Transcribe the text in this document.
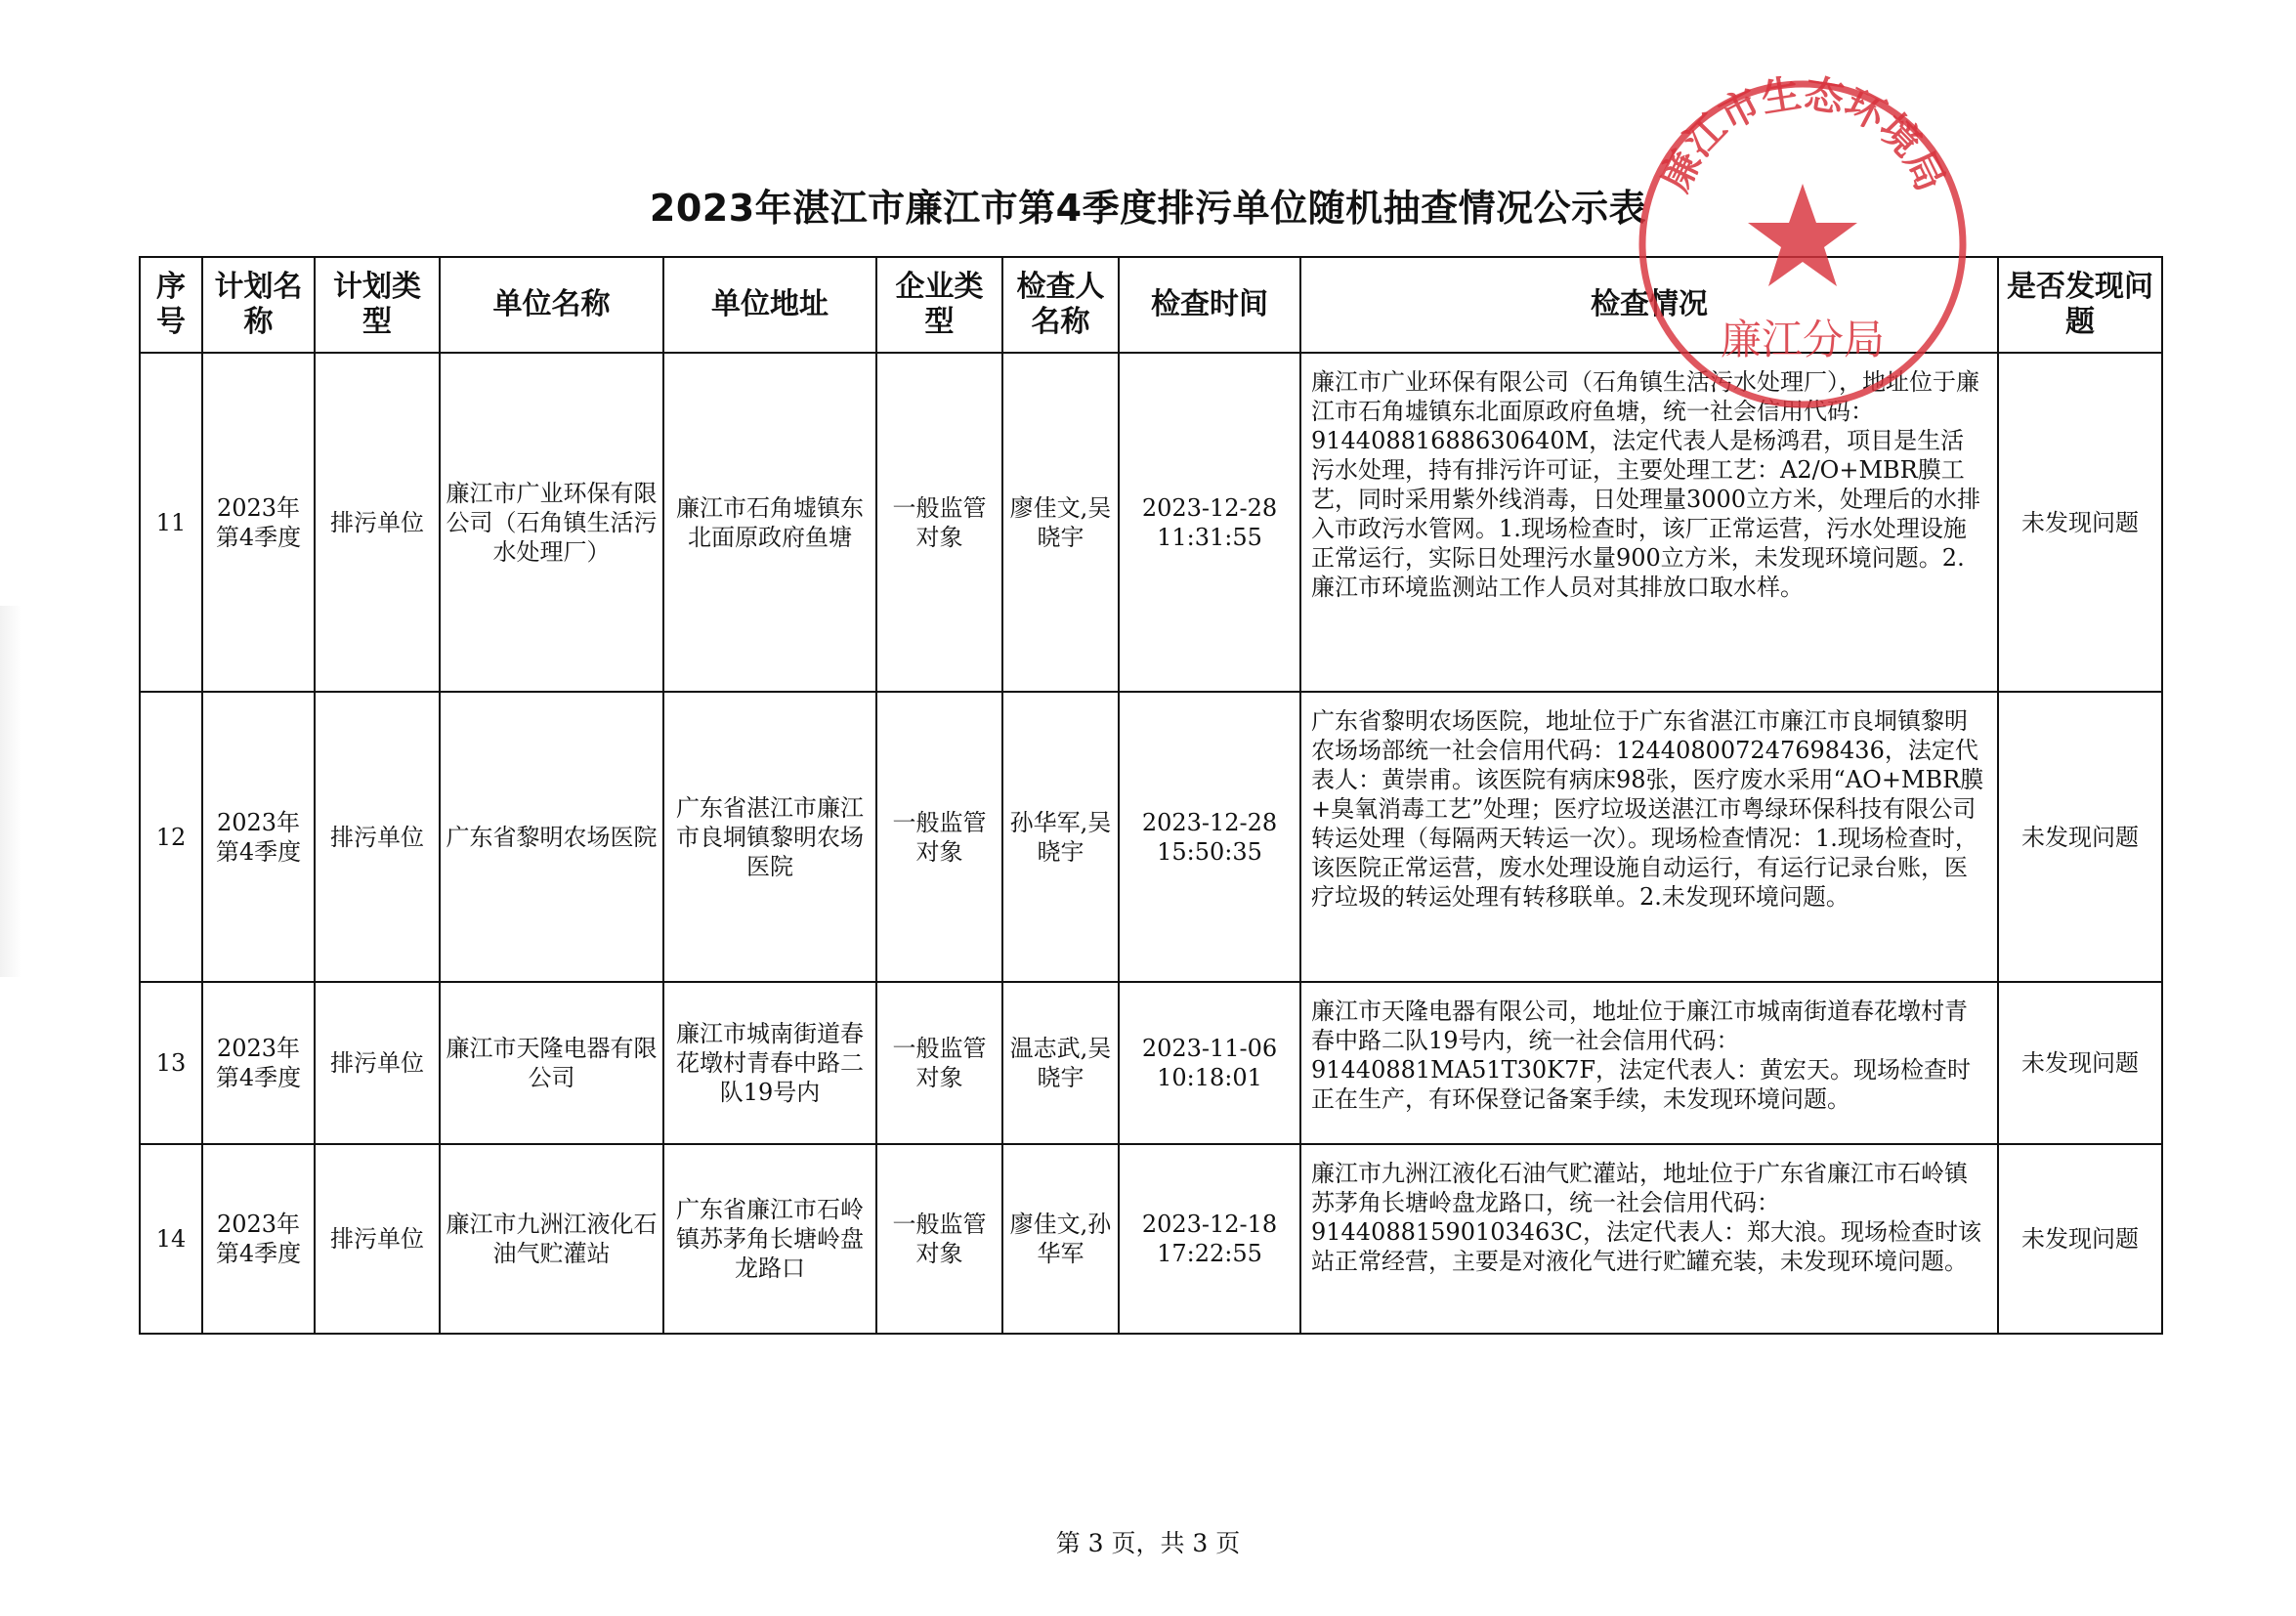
2023年湛江市廉江市第4季度排污单位随机抽查情况公示表
序号	计划名称	计划类型	单位名称	单位地址	企业类型	检查人名称	检查时间	检查情况	是否发现问题
11	2023年第4季度	排污单位	廉江市广业环保有限公司（石角镇生活污水处理厂）	廉江市石角墟镇东北面原政府鱼塘	一般监管对象	廖佳文,吴晓宇	2023-12-28 11:31:55	廉江市广业环保有限公司（石角镇生活污水处理厂），地址位于廉江市石角墟镇东北面原政府鱼塘，统一社会信用代码：91440881688630640M，法定代表人是杨鸿君，项目是生活污水处理，持有排污许可证，主要处理工艺：A2/O+MBR膜工艺，同时采用紫外线消毒，日处理量3000立方米，处理后的水排入市政污水管网。1.现场检查时，该厂正常运营，污水处理设施正常运行，实际日处理污水量900立方米，未发现环境问题。2.廉江市环境监测站工作人员对其排放口取水样。	未发现问题
12	2023年第4季度	排污单位	广东省黎明农场医院	广东省湛江市廉江市良垌镇黎明农场医院	一般监管对象	孙华军,吴晓宇	2023-12-28 15:50:35	广东省黎明农场医院，地址位于广东省湛江市廉江市良垌镇黎明农场场部统一社会信用代码：12440800724769843​6，法定代表人：黄崇甫。该医院有病床98张，医疗废水采用“AO+MBR膜+臭氧消毒工艺”处理；医疗垃圾送湛江市粤绿环保科技有限公司转运处理（每隔两天转运一次）。现场检查情况：1.现场检查时，该医院正常运营，废水处理设施自动运行，有运行记录台账，医疗垃圾的转运处理有转移联单。2.未发现环境问题。	未发现问题
13	2023年第4季度	排污单位	廉江市天隆电器有限公司	廉江市城南街道春花墩村青春中路二队19号内	一般监管对象	温志武,吴晓宇	2023-11-06 10:18:01	廉江市天隆电器有限公司，地址位于廉江市城南街道春花墩村青春中路二队19号内，统一社会信用代码：91440881MA51T30K7F，法定代表人：黄宏天。现场检查时正在生产，有环保登记备案手续，未发现环境问题。	未发现问题
14	2023年第4季度	排污单位	廉江市九洲江液化石油气贮灌站	广东省廉江市石岭镇苏茅角长塘岭盘龙路口	一般监管对象	廖佳文,孙华军	2023-12-18 17:22:55	廉江市九洲江液化石油气贮灌站，地址位于广东省廉江市石岭镇苏茅角长塘岭盘龙路口，统一社会信用代码：91440881590103463C，法定代表人：郑大浪。现场检查时该站正常经营，主要是对液化气进行贮罐充装，未发现环境问题。	未发现问题
廉江市生态环境局
廉江分局
第 3 页，共 3 页
